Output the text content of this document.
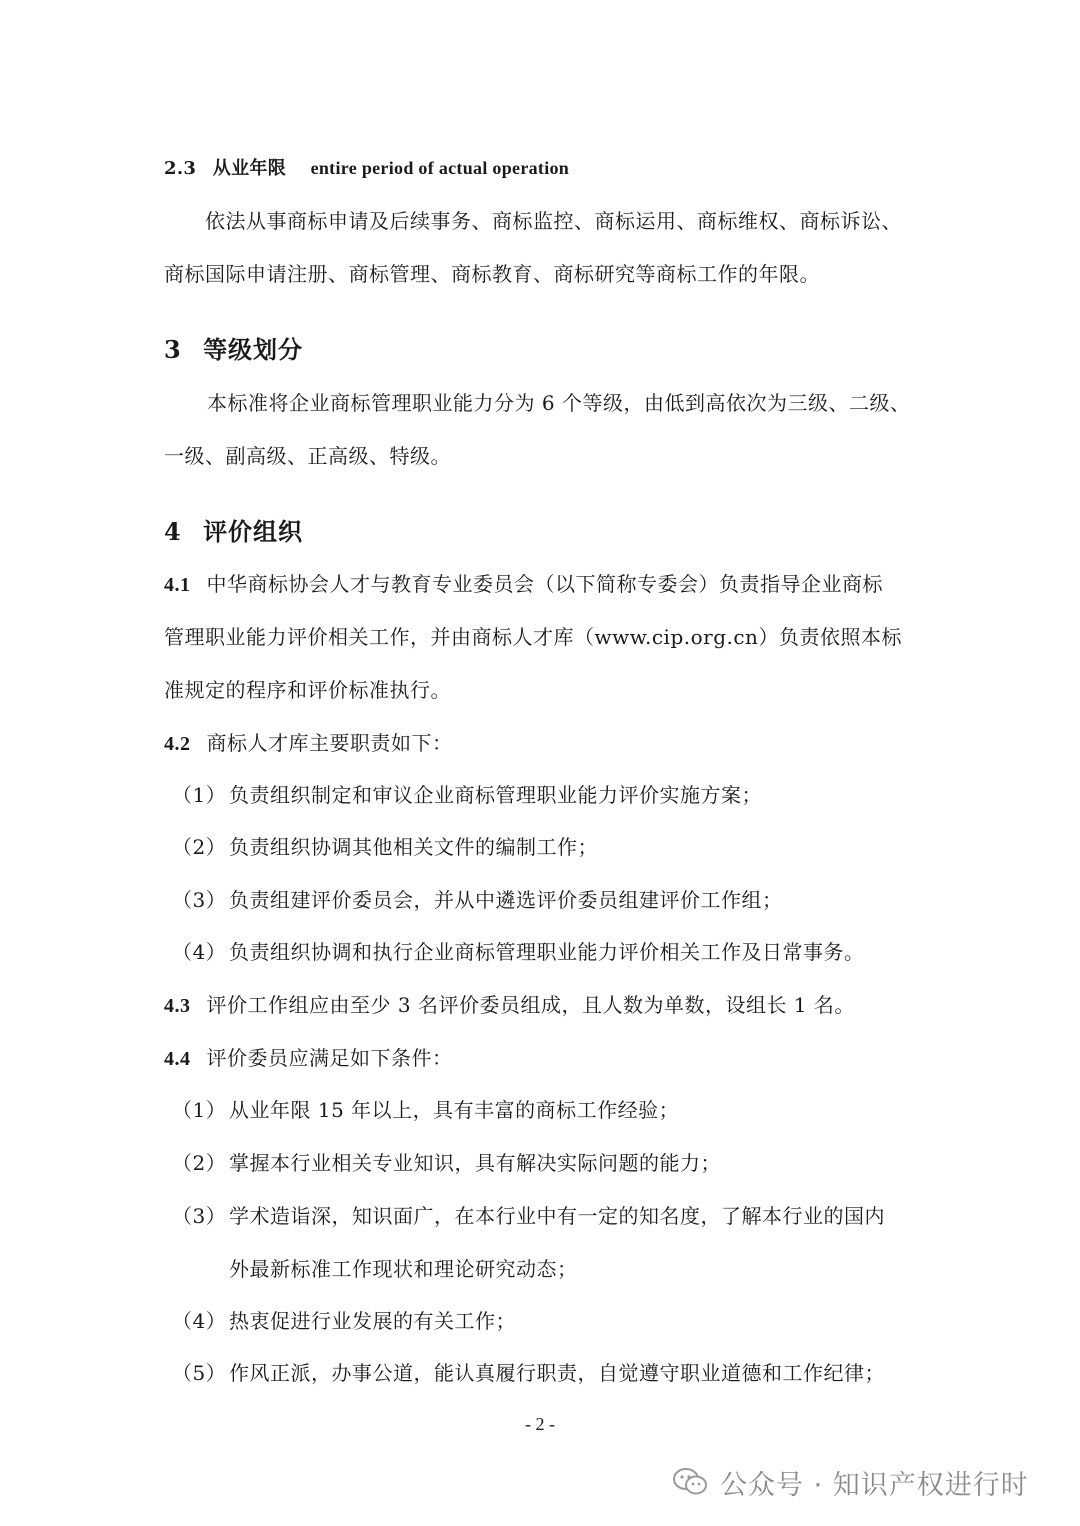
2.3 从业年限 entire period of actual operation
依法从事商标申请及后续事务、商标监控、商标运用、商标维权、商标诉讼、
商标国际申请注册、商标管理、商标教育、商标研究等商标工作的年限。
3 等级划分
本标准将企业商标管理职业能力分为 6 个等级，由低到高依次为三级、二级、
一级、副高级、正高级、特级。
4 评价组织
4.1 中华商标协会人才与教育专业委员会（以下简称专委会）负责指导企业商标
管理职业能力评价相关工作，并由商标人才库（www.cip.org.cn）负责依照本标
准规定的程序和评价标准执行。
4.2 商标人才库主要职责如下：
（1） 负责组织制定和审议企业商标管理职业能力评价实施方案；
（2） 负责组织协调其他相关文件的编制工作；
（3） 负责组建评价委员会，并从中遴选评价委员组建评价工作组；
（4） 负责组织协调和执行企业商标管理职业能力评价相关工作及日常事务。
4.3 评价工作组应由至少 3 名评价委员组成，且人数为单数，设组长 1 名。
4.4 评价委员应满足如下条件：
（1） 从业年限 15 年以上，具有丰富的商标工作经验；
（2） 掌握本行业相关专业知识，具有解决实际问题的能力；
（3） 学术造诣深，知识面广，在本行业中有一定的知名度，了解本行业的国内
外最新标准工作现状和理论研究动态；
（4） 热衷促进行业发展的有关工作；
（5） 作风正派，办事公道，能认真履行职责，自觉遵守职业道德和工作纪律；
- 2 -
公众号 · 知识产权进行时
